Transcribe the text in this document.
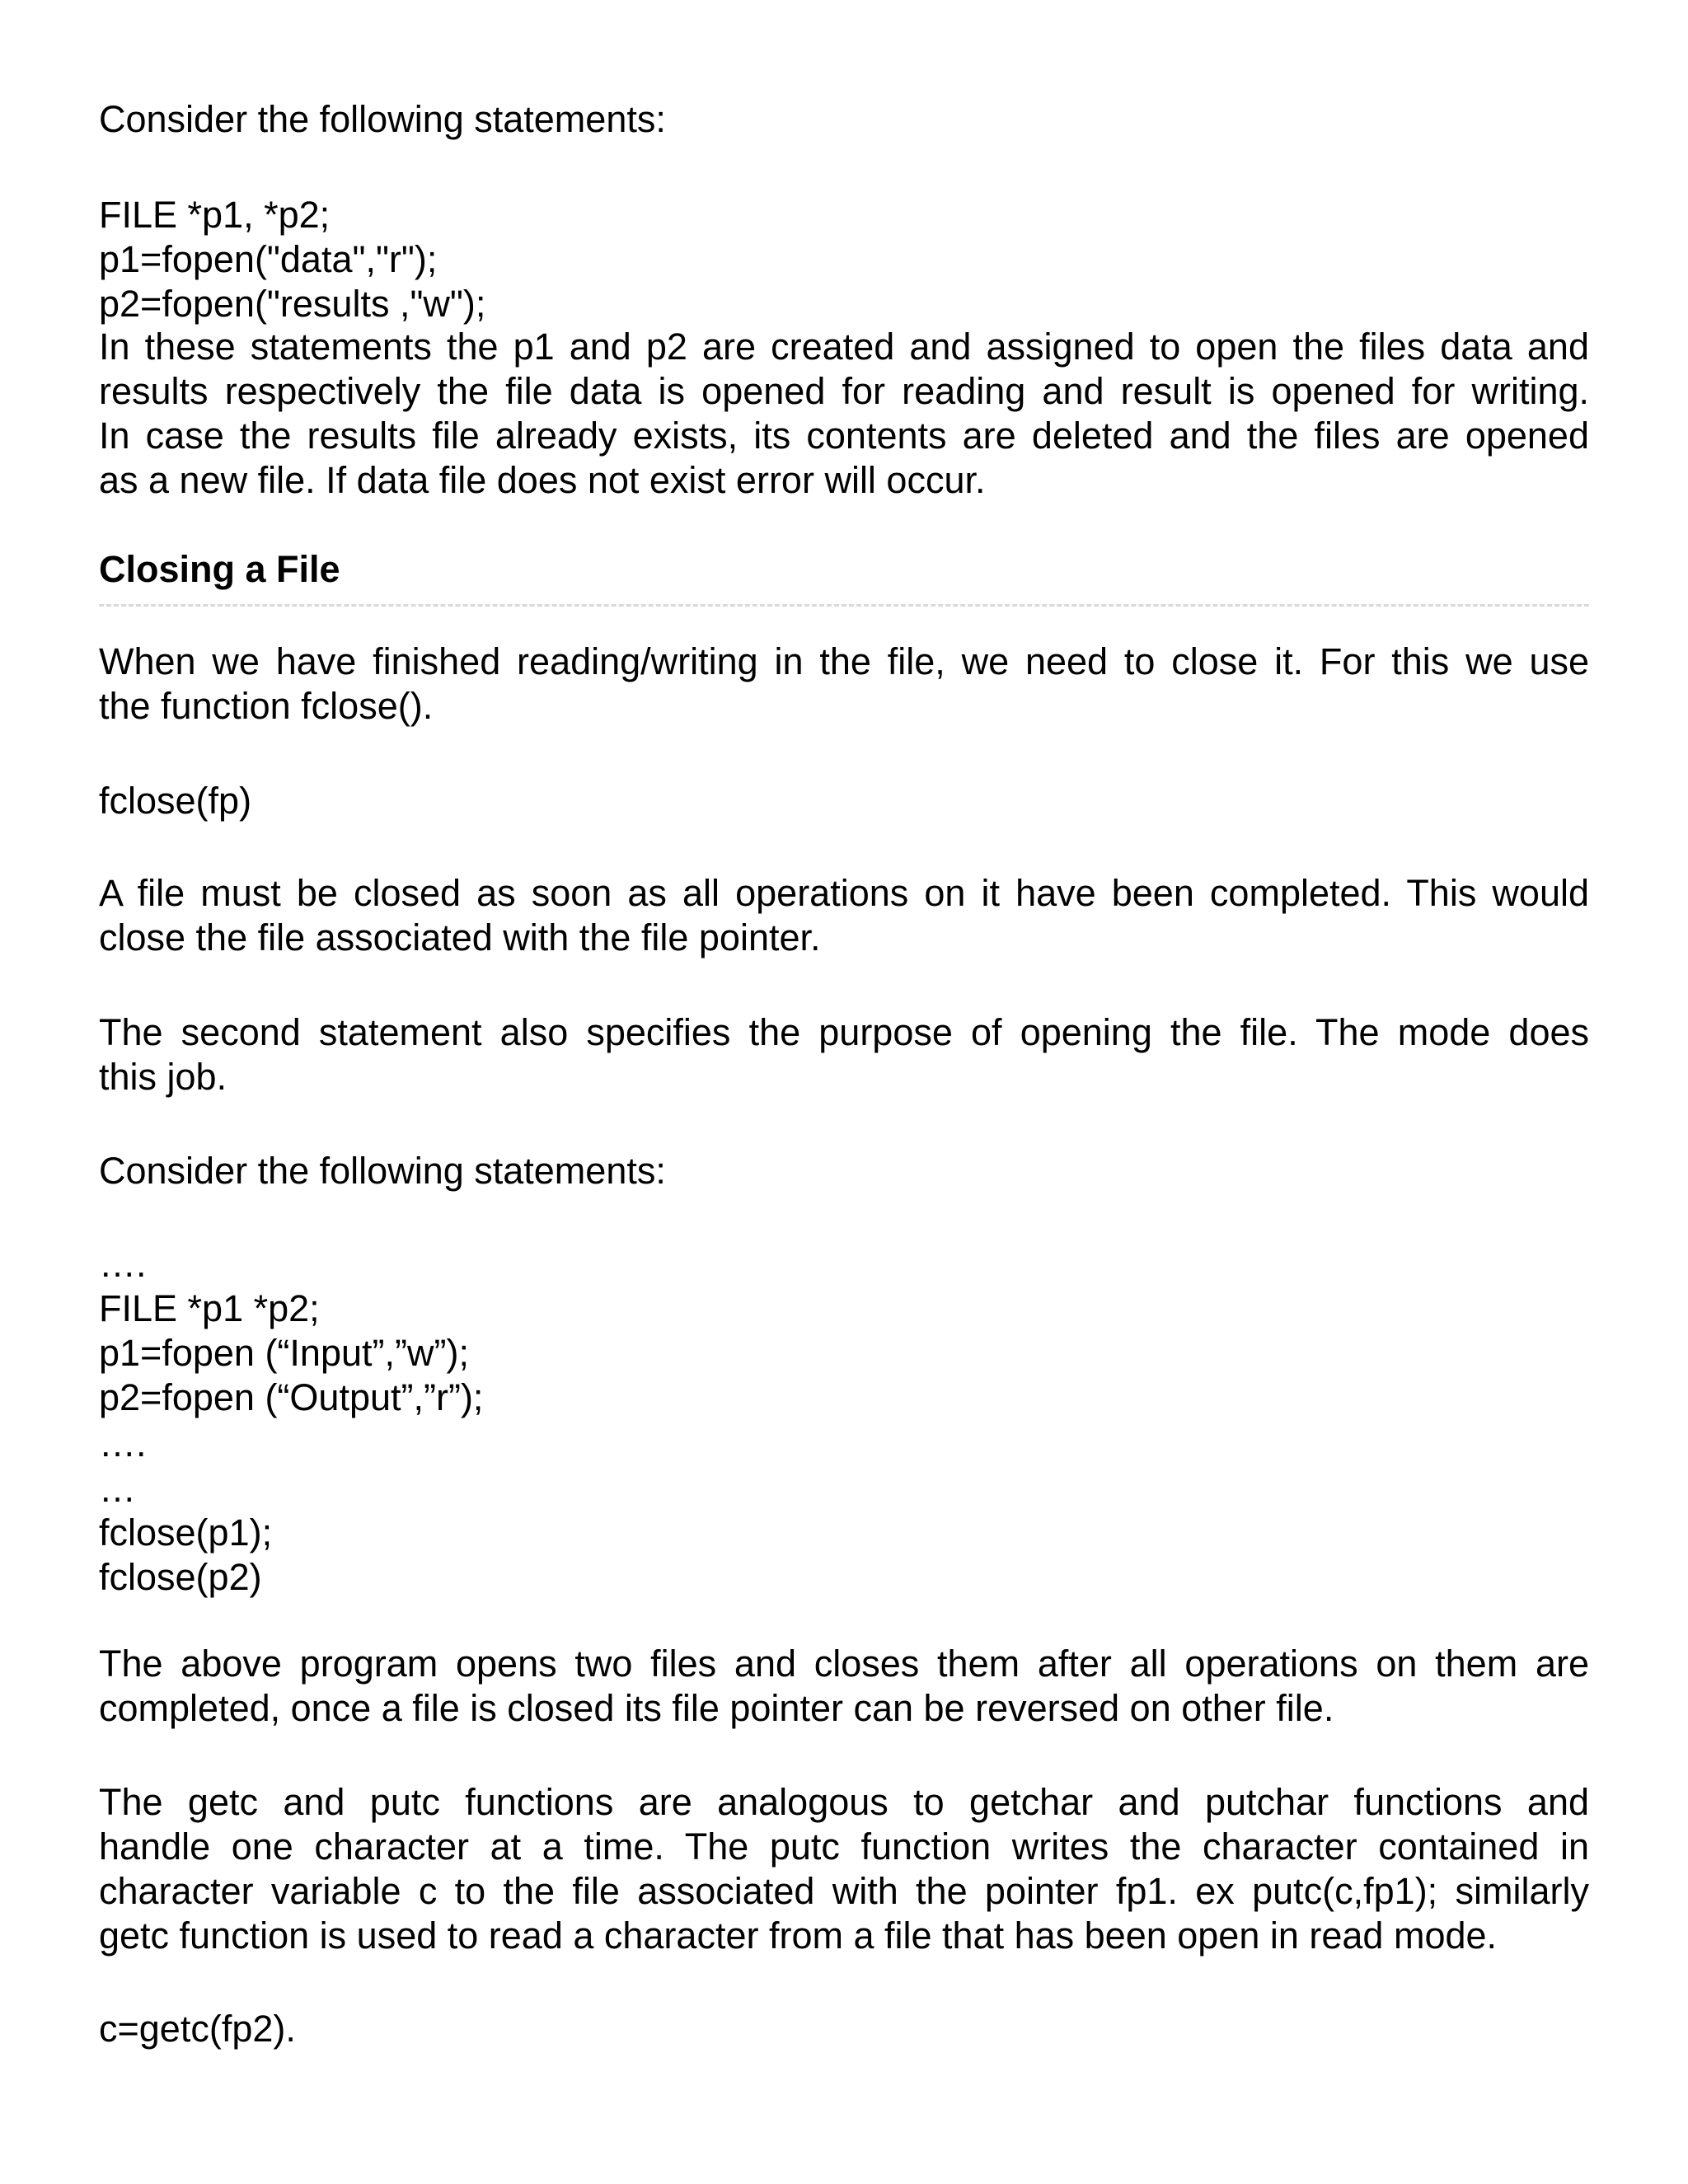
Consider the following statements:
FILE *p1, *p2;
p1=fopen("data","r");
p2=fopen("results ,"w");
In these statements the p1 and p2 are created and assigned to open the files data and
results respectively the file data is opened for reading and result is opened for writing.
In case the results file already exists, its contents are deleted and the files are opened
as a new file. If data file does not exist error will occur.
Closing a File
When we have finished reading/writing in the file, we need to close it. For this we use
the function fclose().
fclose(fp)
A file must be closed as soon as all operations on it have been completed. This would
close the file associated with the file pointer.
The second statement also specifies the purpose of opening the file. The mode does
this job.
Consider the following statements:
….
FILE *p1 *p2;
p1=fopen (“Input”,”w”);
p2=fopen (“Output”,”r”);
….
…
fclose(p1);
fclose(p2)
The above program opens two files and closes them after all operations on them are
completed, once a file is closed its file pointer can be reversed on other file.
The getc and putc functions are analogous to getchar and putchar functions and
handle one character at a time. The putc function writes the character contained in
character variable c to the file associated with the pointer fp1. ex putc(c,fp1); similarly
getc function is used to read a character from a file that has been open in read mode.
c=getc(fp2).
